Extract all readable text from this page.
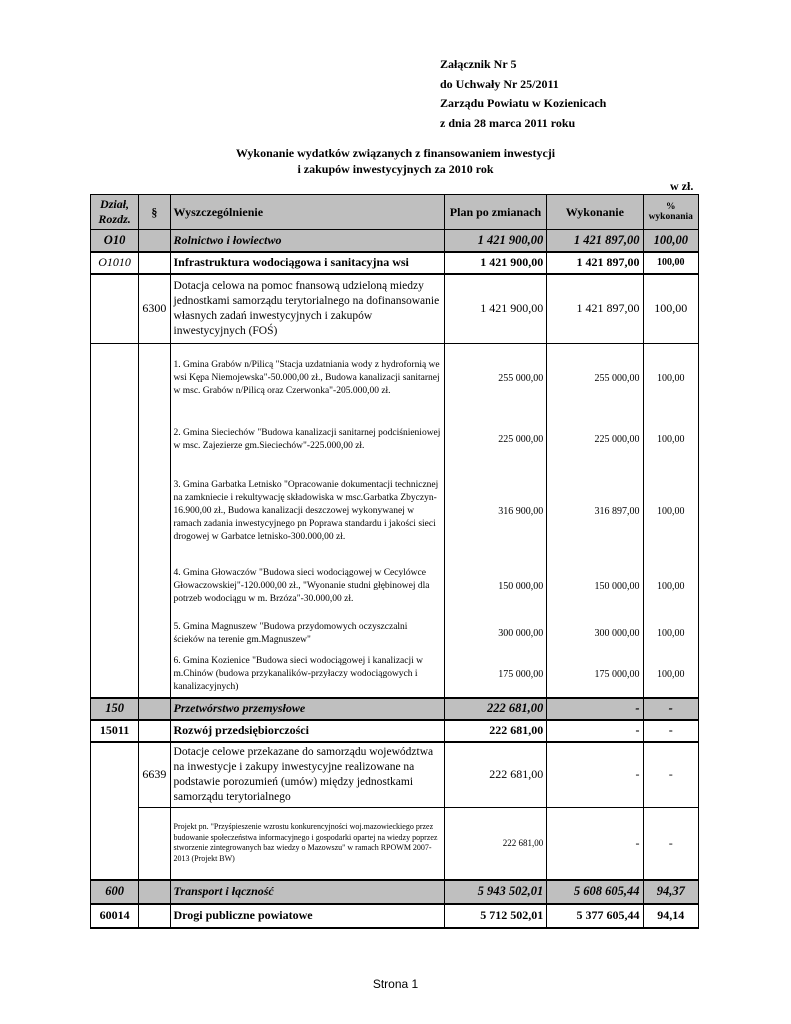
Załącznik Nr 5
do Uchwały Nr 25/2011
Zarządu Powiatu w Kozienicach
z dnia 28 marca 2011 roku
Wykonanie wydatków związanych z finansowaniem inwestycji
i zakupów inwestycyjnych za 2010 rok
w zł.
Dział,
Rozdz.	§	Wyszczególnienie	Plan po zmianach	Wykonanie	% wykonania
O10		Rolnictwo i łowiectwo	1 421 900,00	1 421 897,00	100,00
O1010		Infrastruktura wodociągowa i sanitacyjna wsi	1 421 900,00	1 421 897,00	100,00
	6300	Dotacja celowa na pomoc fnansową udzieloną miedzy jednostkami samorządu terytorialnego na dofinansowanie własnych zadań inwestycyjnych i zakupów inwestycyjnych (FOŚ)	1 421 900,00	1 421 897,00	100,00
		1. Gmina Grabów n/Pilicą "Stacja uzdatniania wody z hydrofornią we wsi Kępa Niemojewska"-50.000,00 zł., Budowa kanalizacji sanitarnej w msc. Grabów n/Pilicą oraz Czerwonka"-205.000,00 zł.	255 000,00	255 000,00	100,00
		2. Gmina Sieciechów "Budowa kanalizacji sanitarnej podciśnieniowej w msc. Zajezierze gm.Sieciechów"-225.000,00 zł.	225 000,00	225 000,00	100,00
		3. Gmina Garbatka Letnisko "Opracowanie dokumentacji technicznej na zamkniecie i rekultywację składowiska w msc.Garbatka Zbyczyn-16.900,00 zł., Budowa kanalizacji deszczowej wykonywanej w ramach zadania inwestycyjnego pn Poprawa standardu i jakości sieci drogowej w Garbatce letnisko-300.000,00 zł.	316 900,00	316 897,00	100,00
		4. Gmina Głowaczów "Budowa sieci wodociągowej w Cecylówce Głowaczowskiej"-120.000,00 zł., "Wyonanie studni głębinowej dla potrzeb wodociągu w m. Brzóza"-30.000,00 zł.	150 000,00	150 000,00	100,00
		5. Gmina Magnuszew "Budowa przydomowych oczyszczalni ścieków na terenie gm.Magnuszew"	300 000,00	300 000,00	100,00
		6. Gmina Kozienice "Budowa sieci wodociągowej i kanalizacji w m.Chinów (budowa przykanalików-przyłaczy wodociągowych i kanalizacyjnych)	175 000,00	175 000,00	100,00
150		Przetwórstwo przemysłowe	222 681,00	-	-
15011		Rozwój przedsiębiorczości	222 681,00	-	-
	6639	Dotacje celowe przekazane do samorządu województwa na inwestycje i zakupy inwestycyjne realizowane na podstawie porozumień (umów) między jednostkami samorządu terytorialnego	222 681,00	-	-
		Projekt pn. "Przyśpieszenie wzrostu konkurencyjności woj.mazowieckiego przez budowanie społeczeństwa informacyjnego i gospodarki opartej na wiedzy poprzez stworzenie zintegrowanych baz wiedzy o Mazowszu" w ramach RPOWM 2007-2013 (Projekt BW)	222 681,00	-	-
600		Transport i łączność	5 943 502,01	5 608 605,44	94,37
60014		Drogi publiczne powiatowe	5 712 502,01	5 377 605,44	94,14
Strona 1
